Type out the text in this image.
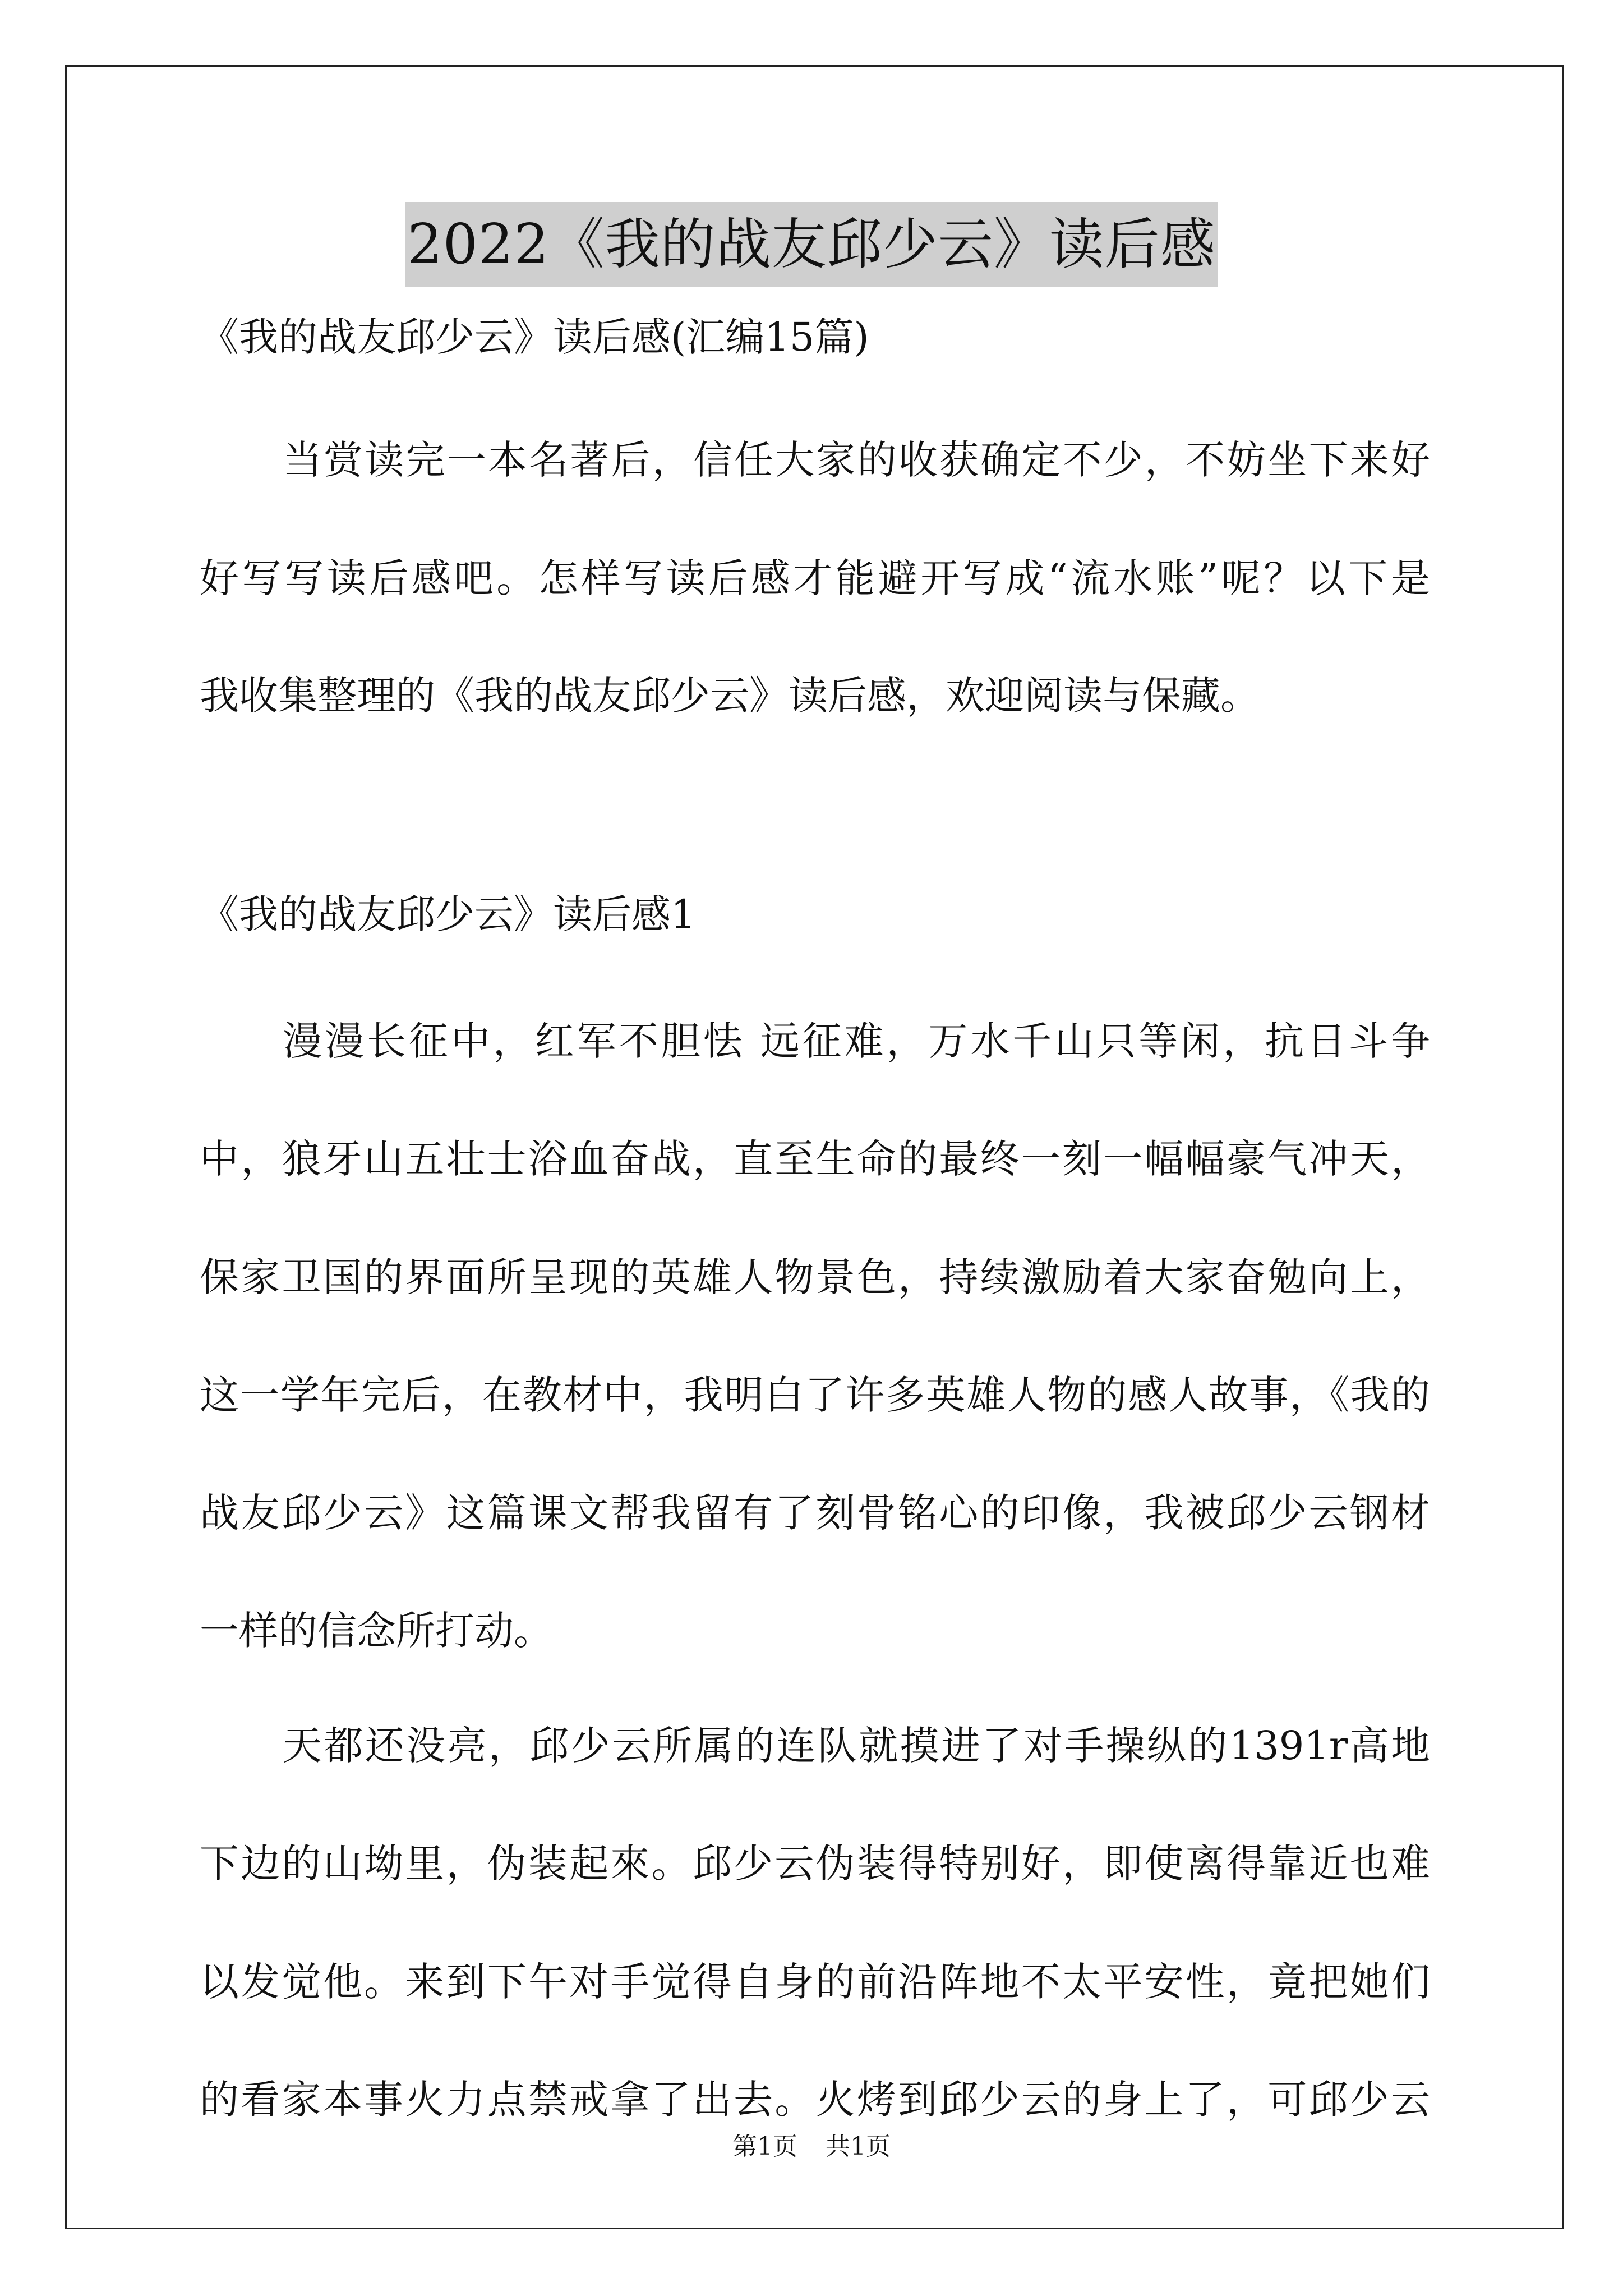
2022《我的战友邱少云》读后感
《我的战友邱少云》读后感(汇编15篇)
当赏读完一本名著后，信任大家的收获确定不少，不妨坐下来好
好写写读后感吧。怎样写读后感才能避开写成“流水账”呢？以下是
我收集整理的《我的战友邱少云》读后感，欢迎阅读与保藏。
《我的战友邱少云》读后感1
漫漫长征中，红军不胆怯 远征难，万水千山只等闲，抗日斗争
中，狼牙山五壮士浴血奋战，直至生命的最终一刻一幅幅豪气冲天，
保家卫国的界面所呈现的英雄人物景色，持续激励着大家奋勉向上，
这一学年完后，在教材中，我明白了许多英雄人物的感人故事，《我的
战友邱少云》这篇课文帮我留有了刻骨铭心的印像，我被邱少云钢材
一样的信念所打动。
天都还没亮，邱少云所属的连队就摸进了对手操纵的1391r高地
下边的山坳里，伪装起來。邱少云伪装得特别好，即使离得靠近也难
以发觉他。来到下午对手觉得自身的前沿阵地不太平安性，竟把她们
的看家本事火力点禁戒拿了出去。火烤到邱少云的身上了，可邱少云
第1页 共1页
